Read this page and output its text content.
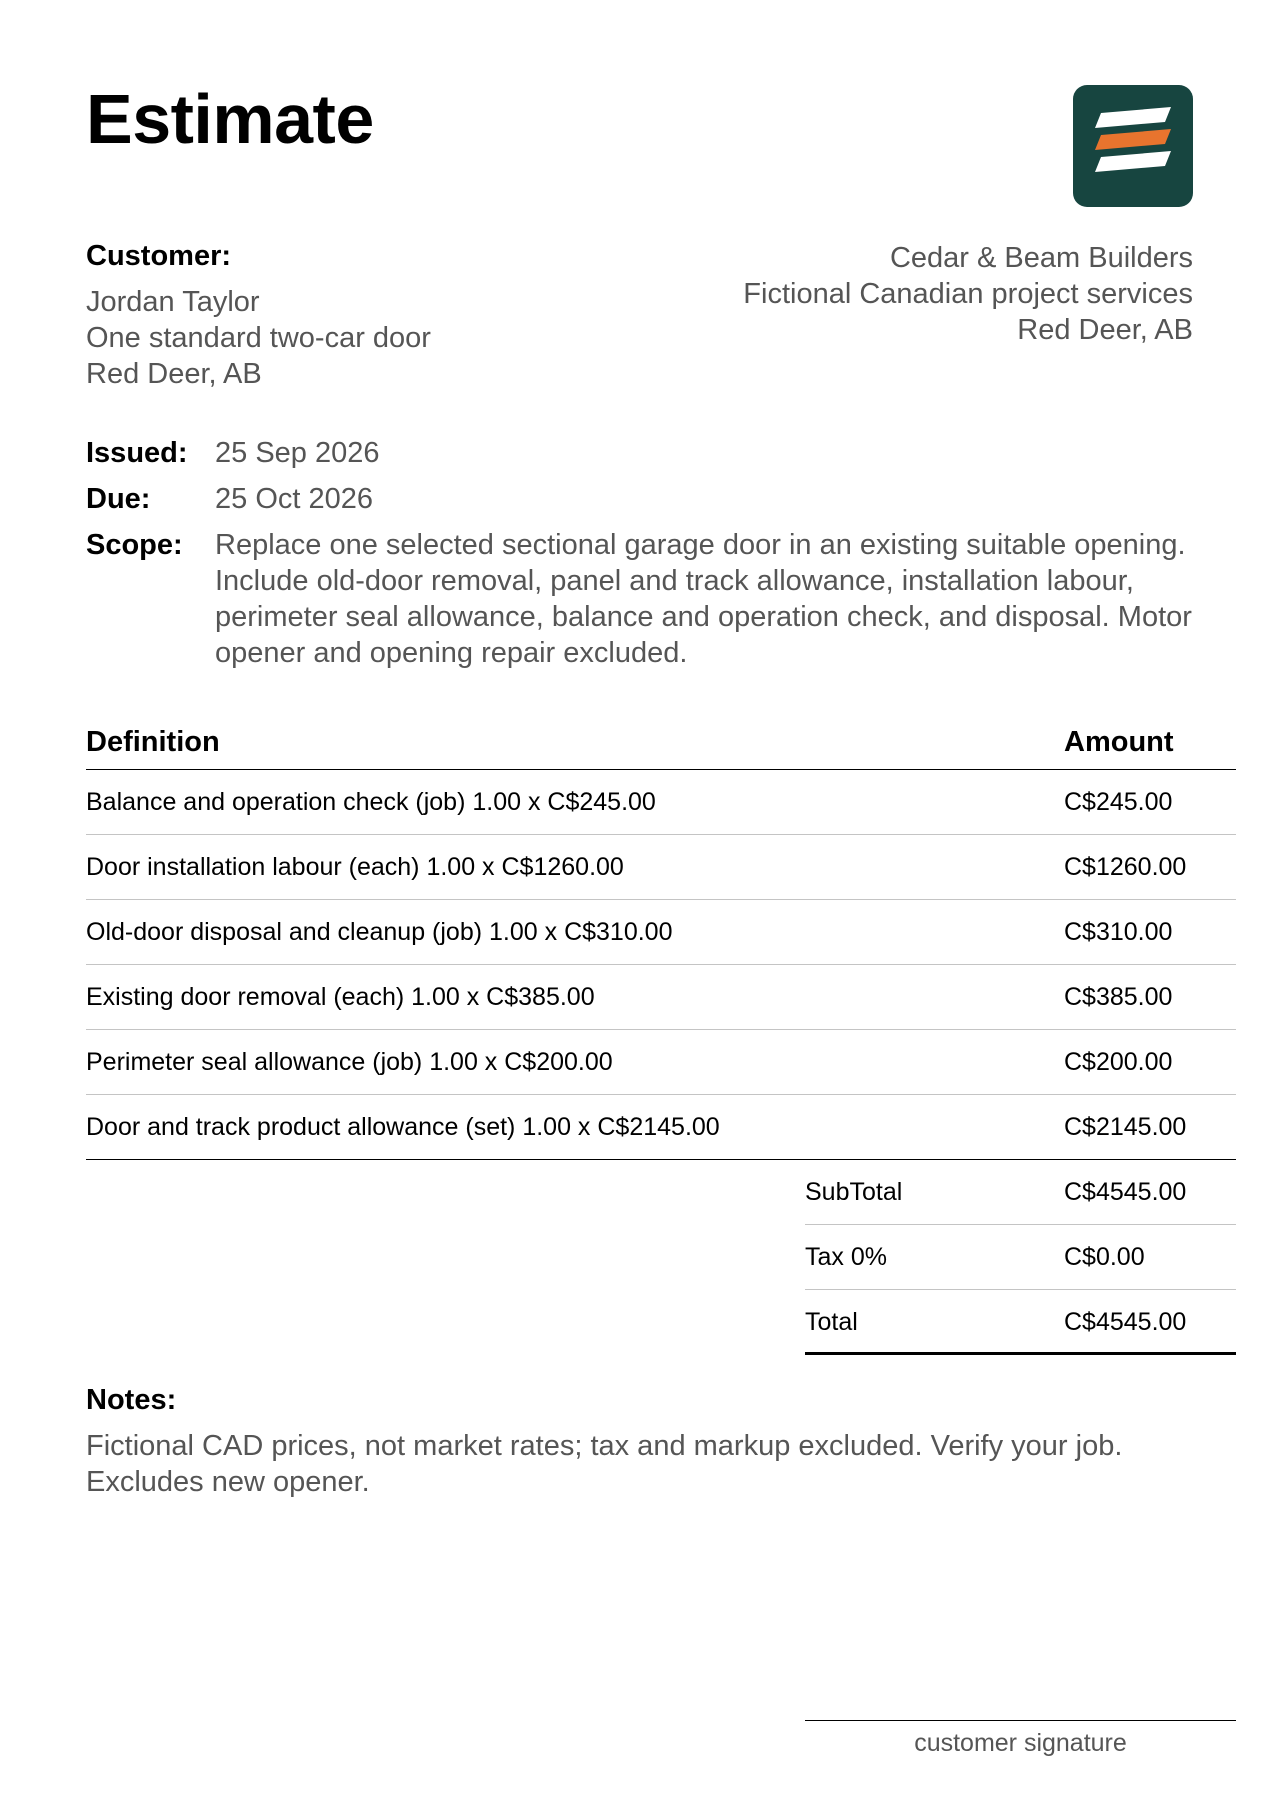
Estimate
Customer:
Jordan Taylor
One standard two-car door
Red Deer, AB
Cedar & Beam Builders
Fictional Canadian project services
Red Deer, AB
Issued: 25 Sep 2026
Due:	25 Oct 2026
Scope:	Replace one selected sectional garage door in an existing suitable opening. Include old-door removal, panel and track allowance, installation labour, perimeter seal allowance, balance and operation check, and disposal. Motor opener and opening repair excluded.
Definition	Amount
Balance and operation check (job) 1.00 x C$245.00	C$245.00
Door installation labour (each) 1.00 x C$1260.00	C$1260.00
Old-door disposal and cleanup (job) 1.00 x C$310.00	C$310.00
Existing door removal (each) 1.00 x C$385.00	C$385.00
Perimeter seal allowance (job) 1.00 x C$200.00	C$200.00
Door and track product allowance (set) 1.00 x C$2145.00	C$2145.00
SubTotal	C$4545.00
Tax 0%	C$0.00
Total	C$4545.00
Notes:
Fictional CAD prices, not market rates; tax and markup excluded. Verify your job. Excludes new opener.
customer signature
